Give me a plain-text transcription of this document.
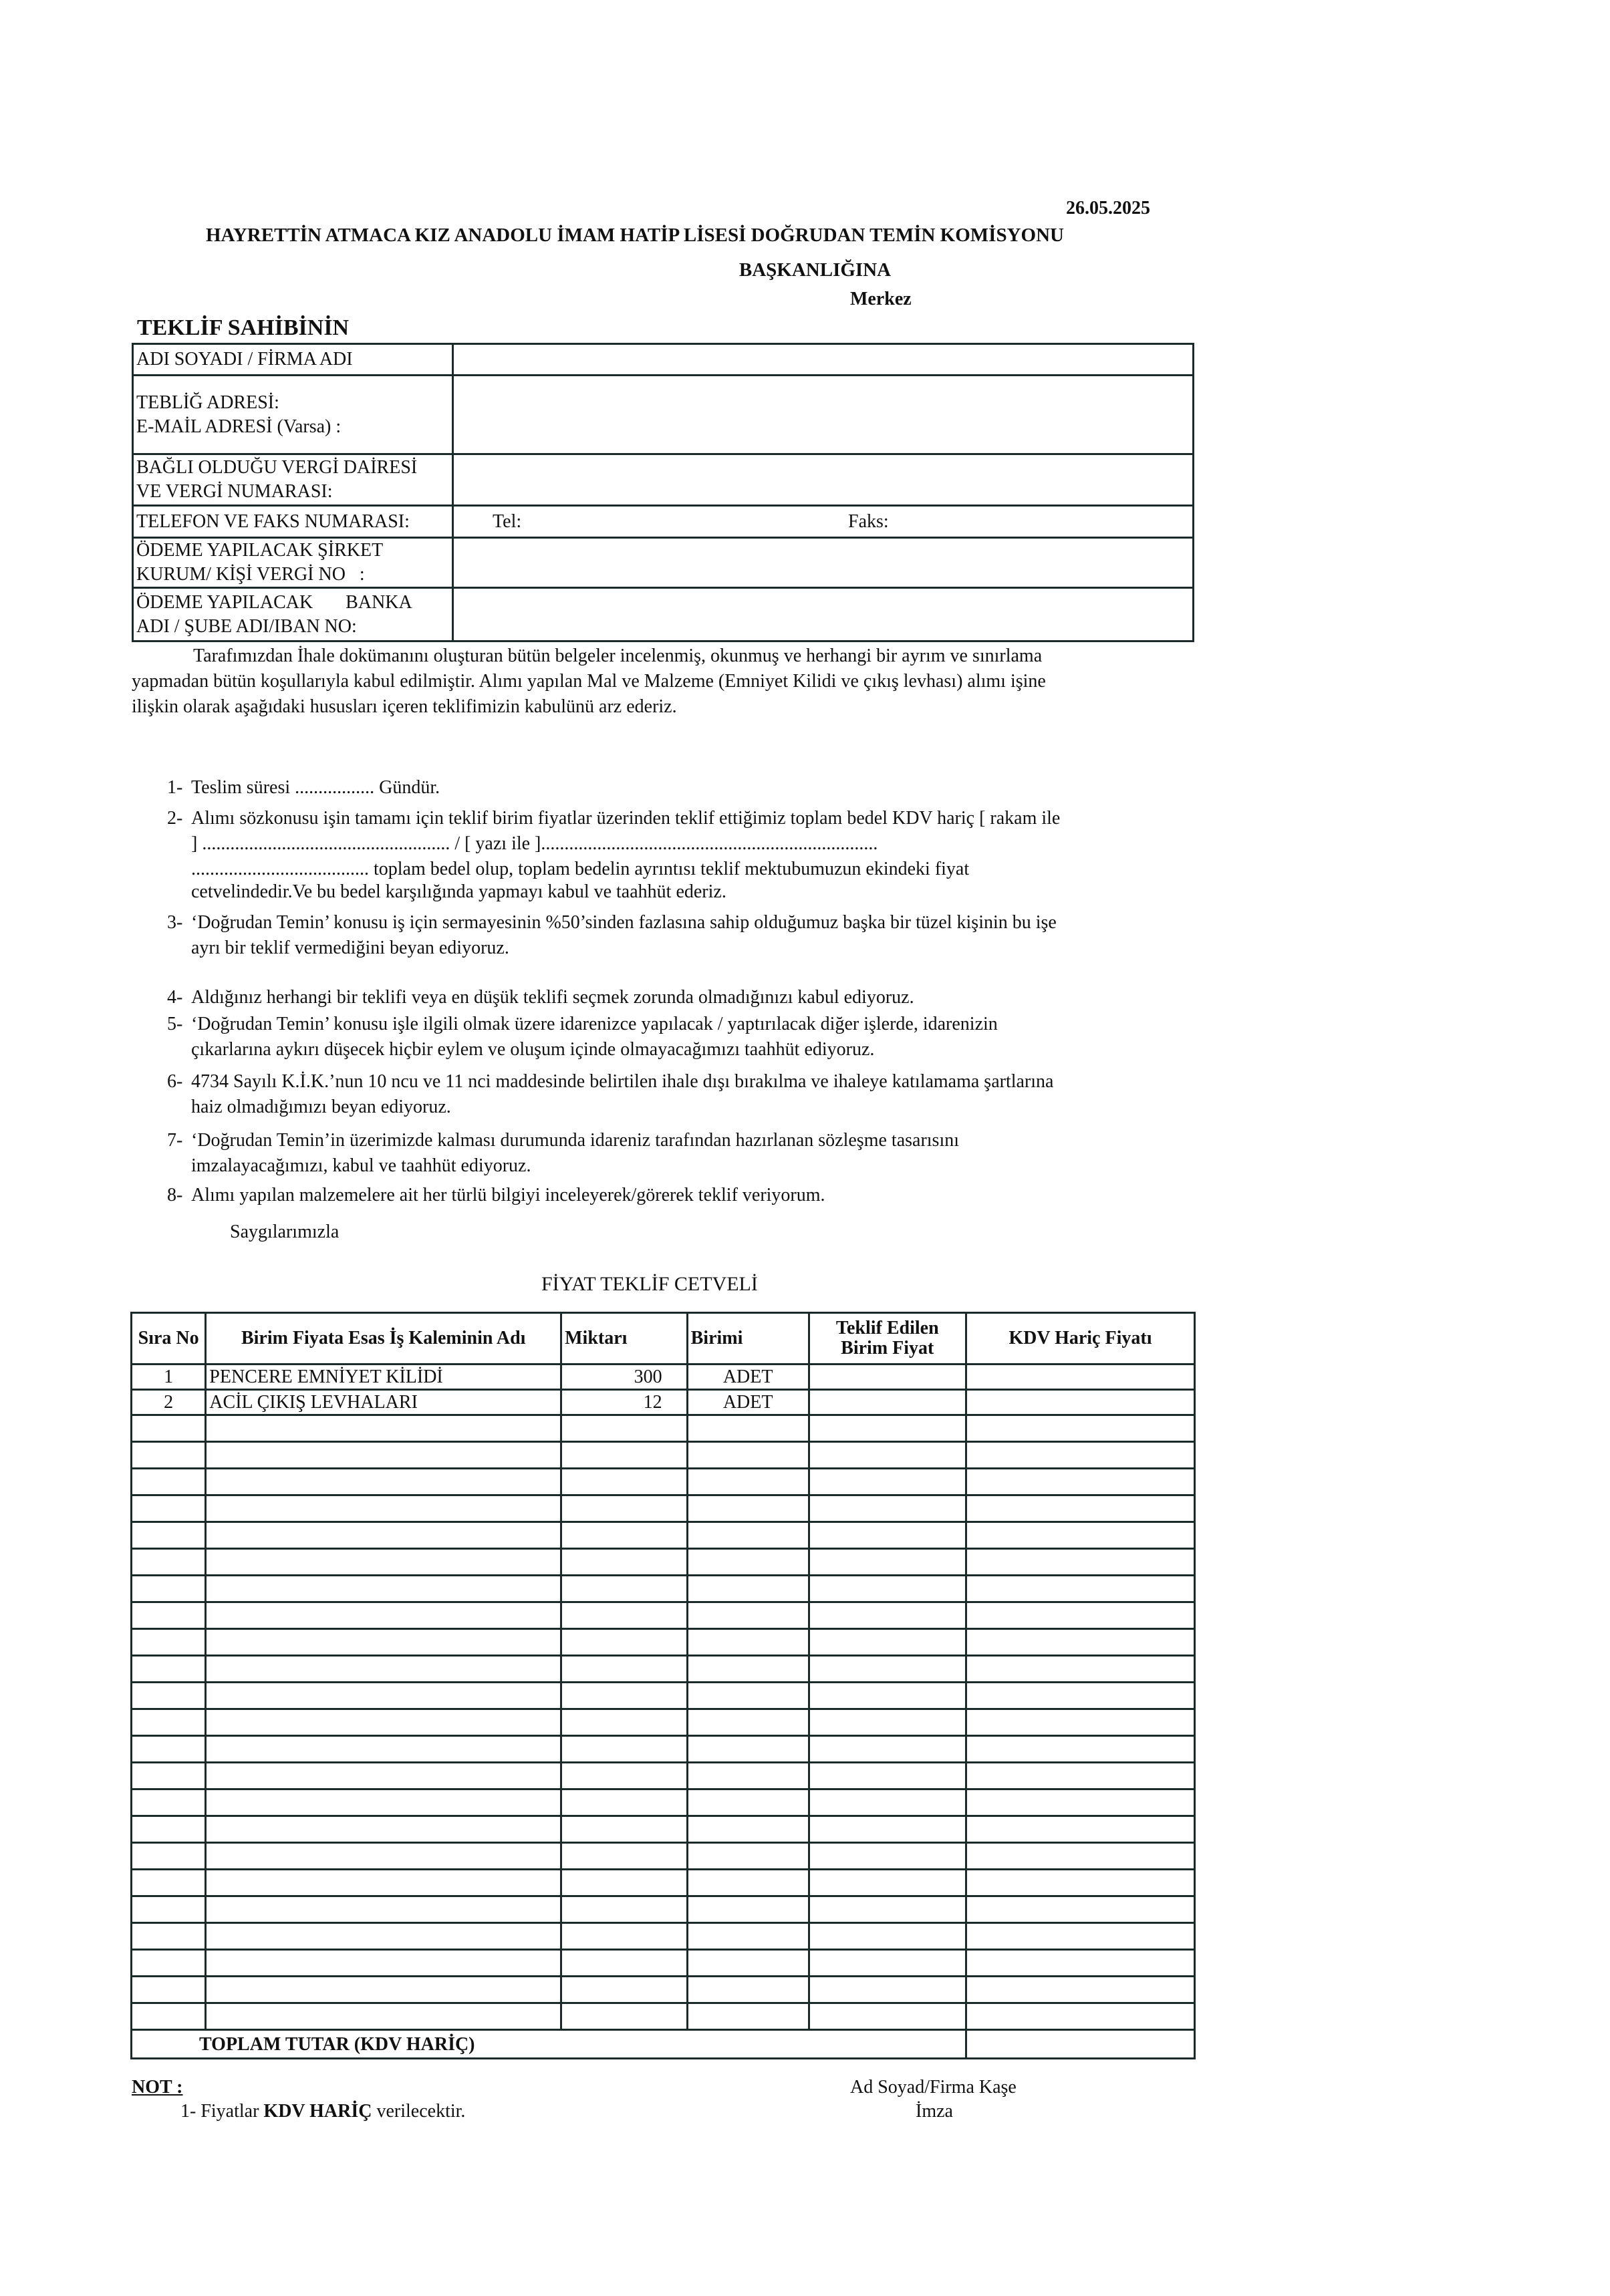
26.05.2025
HAYRETTİN ATMACA KIZ ANADOLU İMAM HATİP LİSESİ DOĞRUDAN TEMİN KOMİSYONU
BAŞKANLIĞINA
Merkez
TEKLİF SAHİBİNİN
ADI SOYADI / FİRMA ADI	

TEBLİĞ ADRESİ:
E-MAİL ADRESİ (Varsa) :	

BAĞLI OLDUĞU VERGİ DAİRESİ
VE VERGİ NUMARASI:	

TELEFON VE FAKS NUMARASI:	Tel: Faks:

ÖDEME YAPILACAK ŞİRKET
KURUM/ KİŞİ VERGİ NO   :	

ÖDEME YAPILACAK       BANKA
ADI / ŞUBE ADI/IBAN NO:	

Tarafımızdan İhale dokümanını oluşturan bütün belgeler incelenmiş, okunmuş ve herhangi bir ayrım ve sınırlama
yapmadan bütün koşullarıyla kabul edilmiştir. Alımı yapılan Mal ve Malzeme (Emniyet Kilidi ve çıkış levhası) alımı işine
ilişkin olarak aşağıdaki hususları içeren teklifimizin kabulünü arz ederiz.
1- Teslim süresi ................. Gündür.
2- Alımı sözkonusu işin tamamı için teklif birim fiyatlar üzerinden teklif ettiğimiz toplam bedel KDV hariç [ rakam ile
] ..................................................... / [ yazı ile ]........................................................................
...................................... toplam bedel olup, toplam bedelin ayrıntısı teklif mektubumuzun ekindeki fiyat
cetvelindedir.Ve bu bedel karşılığında yapmayı kabul ve taahhüt ederiz.
3- ‘Doğrudan Temin’ konusu iş için sermayesinin %50’sinden fazlasına sahip olduğumuz başka bir tüzel kişinin bu işe
ayrı bir teklif vermediğini beyan ediyoruz.
4- Aldığınız herhangi bir teklifi veya en düşük teklifi seçmek zorunda olmadığınızı kabul ediyoruz.
5- ‘Doğrudan Temin’ konusu işle ilgili olmak üzere idarenizce yapılacak / yaptırılacak diğer işlerde, idarenizin
çıkarlarına aykırı düşecek hiçbir eylem ve oluşum içinde olmayacağımızı taahhüt ediyoruz.
6- 4734 Sayılı K.İ.K.’nun 10 ncu ve 11 nci maddesinde belirtilen ihale dışı bırakılma ve ihaleye katılamama şartlarına
haiz olmadığımızı beyan ediyoruz.
7- ‘Doğrudan Temin’in üzerimizde kalması durumunda idareniz tarafından hazırlanan sözleşme tasarısını
imzalayacağımızı, kabul ve taahhüt ediyoruz.
8- Alımı yapılan malzemelere ait her türlü bilgiyi inceleyerek/görerek teklif veriyorum.
Saygılarımızla
FİYAT TEKLİF CETVELİ
Sıra No	Birim Fiyata Esas İş Kaleminin Adı	Miktarı	Birimi	Teklif Edilen Birim Fiyat	KDV Hariç Fiyatı
1	PENCERE EMNİYET KİLİDİ	300	ADET		
2	ACİL ÇIKIŞ LEVHALARI	12	ADET		

TOPLAM TUTAR (KDV HARİÇ)					
NOT :
1- Fiyatlar KDV HARİÇ verilecektir.
Ad Soyad/Firma Kaşe
İmza
